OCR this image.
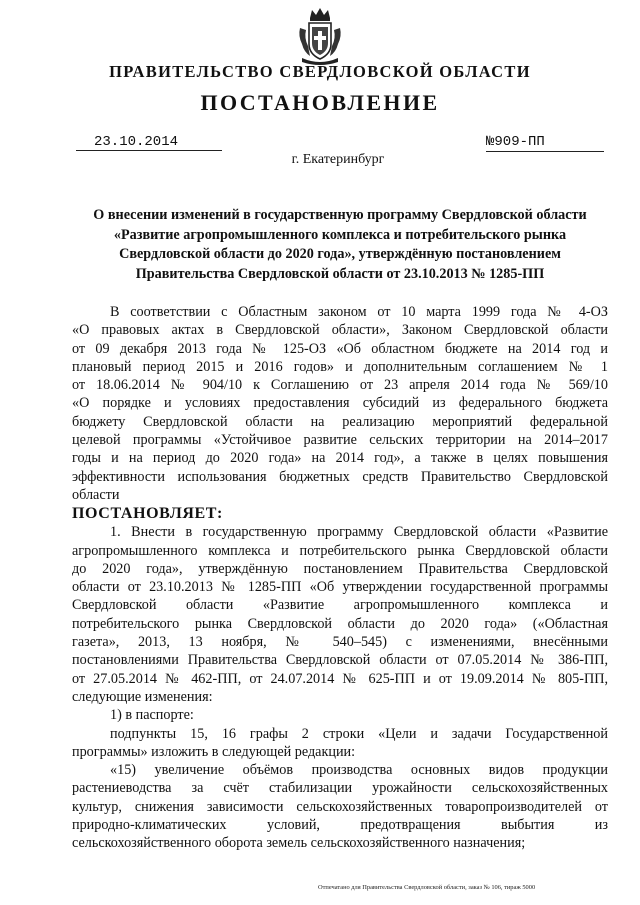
ПРАВИТЕЛЬСТВО СВЕРДЛОВСКОЙ ОБЛАСТИ
ПОСТАНОВЛЕНИЕ
23.10.2014	№909-ПП
г. Екатеринбург
О внесении изменений в государственную программу Свердловской области
«Развитие агропромышленного комплекса и потребительского рынка
Свердловской области до 2020 года», утверждённую постановлением
Правительства Свердловской области от 23.10.2013 № 1285-ПП
В соответствии с Областным законом от 10 марта 1999 года № 4-ОЗ
«О правовых актах в Свердловской области», Законом Свердловской области
от 09 декабря 2013 года № 125-ОЗ «Об областном бюджете на 2014 год и
плановый период 2015 и 2016 годов» и дополнительным соглашением № 1
от 18.06.2014 № 904/10 к Соглашению от 23 апреля 2014 года № 569/10
«О порядке и условиях предоставления субсидий из федерального бюджета
бюджету Свердловской области на реализацию мероприятий федеральной
целевой программы «Устойчивое развитие сельских территории на 2014–2017
годы и на период до 2020 года» на 2014 год», а также в целях повышения
эффективности использования бюджетных средств Правительство Свердловской
области
ПОСТАНОВЛЯЕТ:
1. Внести в государственную программу Свердловской области «Развитие
агропромышленного комплекса и потребительского рынка Свердловской области
до 2020 года», утверждённую постановлением Правительства Свердловской
области от 23.10.2013 № 1285-ПП «Об утверждении государственной программы
Свердловской области «Развитие агропромышленного комплекса и
потребительского рынка Свердловской области до 2020 года» («Областная
газета», 2013, 13 ноября, № 540–545) с изменениями, внесёнными
постановлениями Правительства Свердловской области от 07.05.2014 № 386-ПП,
от 27.05.2014 № 462-ПП, от 24.07.2014 № 625-ПП и от 19.09.2014 № 805-ПП,
следующие изменения:
1) в паспорте:
подпункты 15, 16 графы 2 строки «Цели и задачи Государственной
программы» изложить в следующей редакции:
«15) увеличение объёмов производства основных видов продукции
растениеводства за счёт стабилизации урожайности сельскохозяйственных
культур, снижения зависимости сельскохозяйственных товаропроизводителей от
природно-климатических условий, предотвращения выбытия из
сельскохозяйственного оборота земель сельскохозяйственного назначения;
Отпечатано для Правительства Свердловской области, заказ № 106, тираж 5000
